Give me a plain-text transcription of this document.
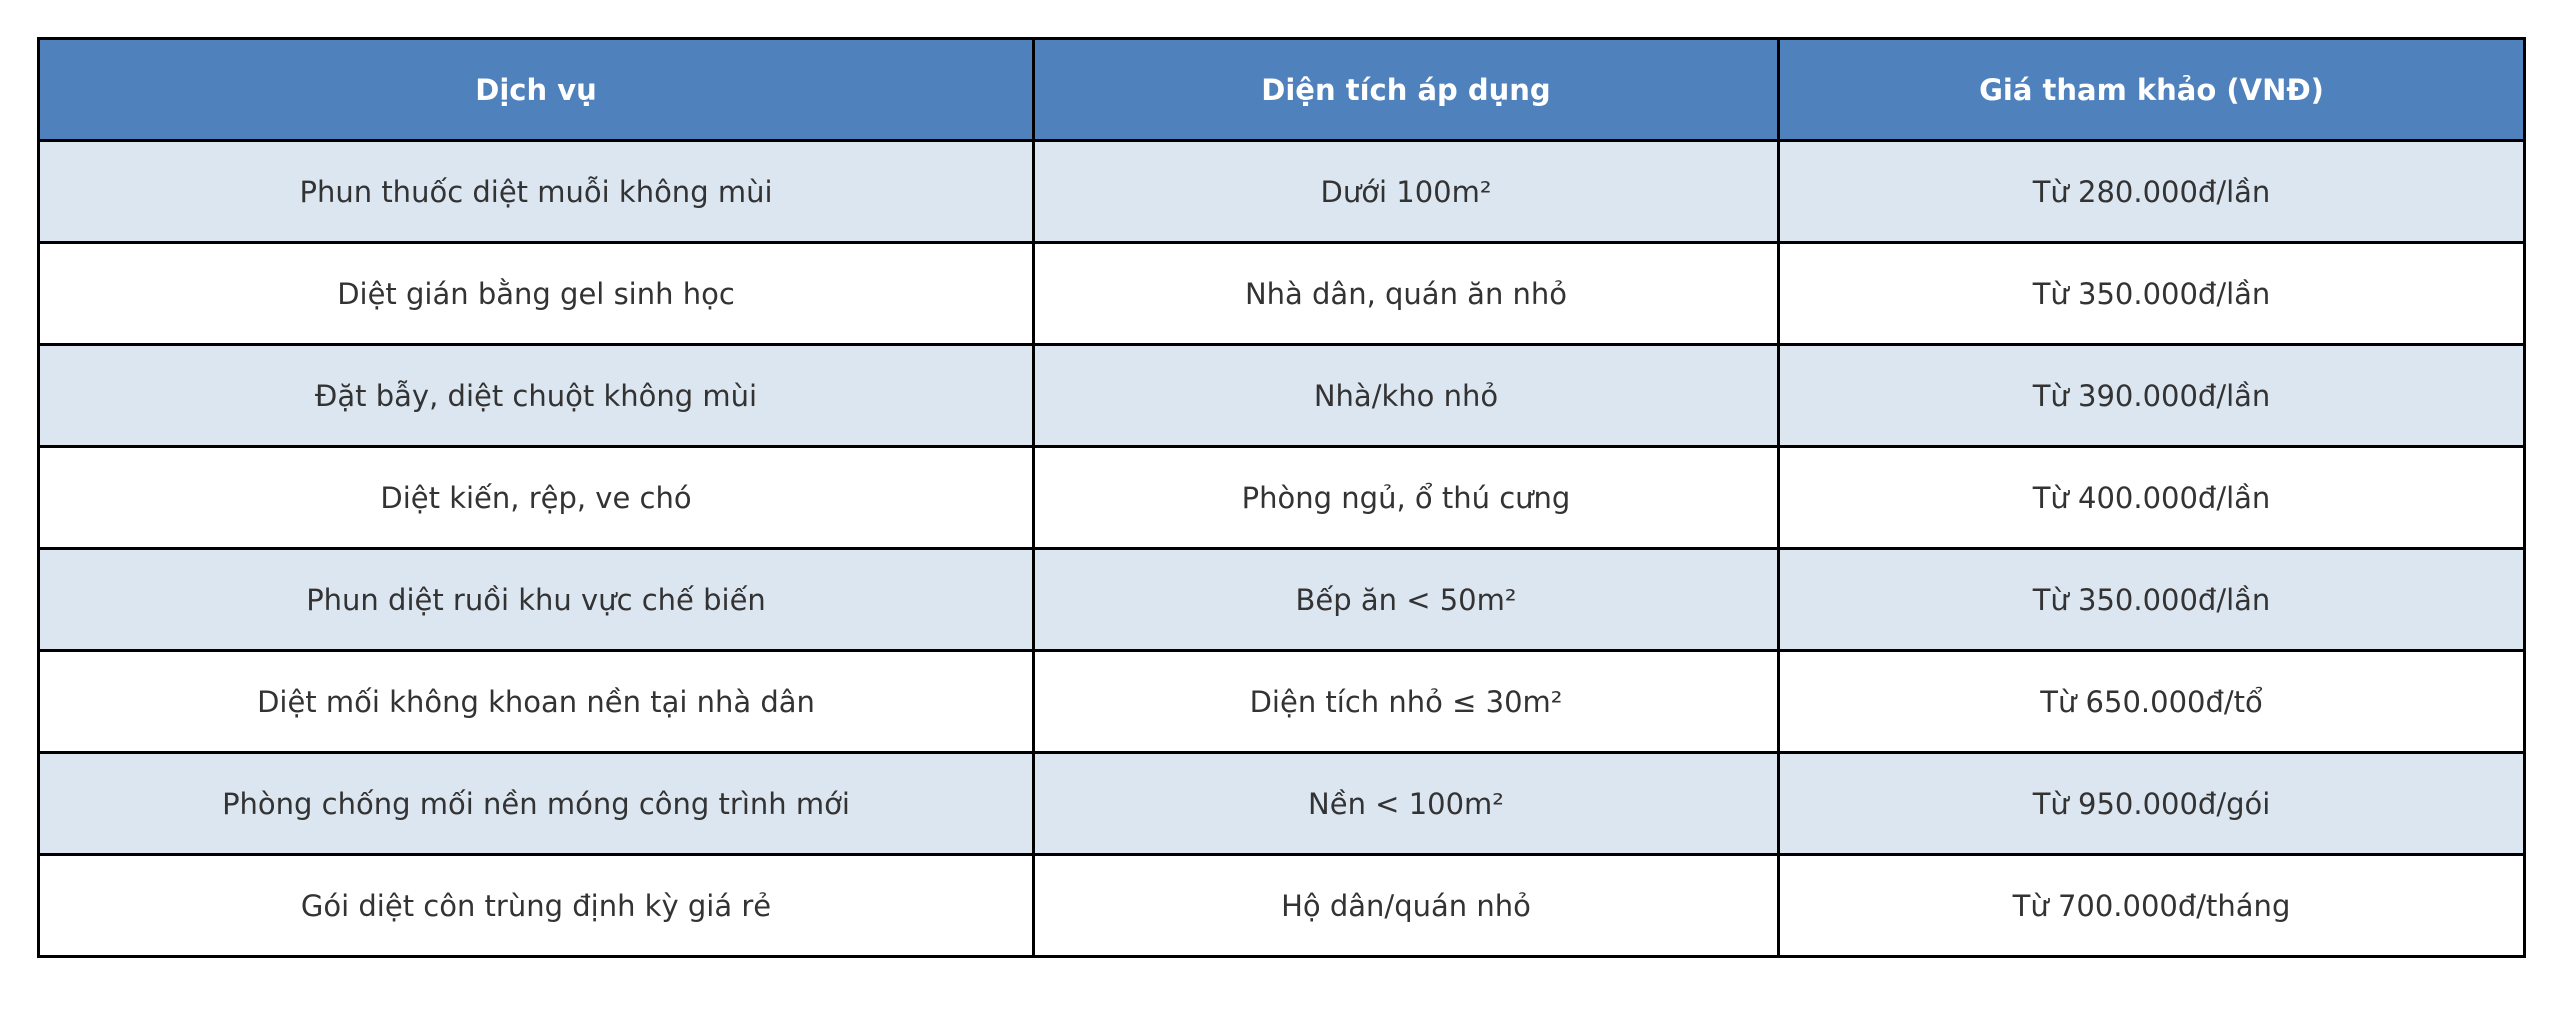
Dịch vụ	Diện tích áp dụng	Giá tham khảo (VNĐ)
Phun thuốc diệt muỗi không mùi	Dưới 100m²	Từ 280.000đ/lần
Diệt gián bằng gel sinh học	Nhà dân, quán ăn nhỏ	Từ 350.000đ/lần
Đặt bẫy, diệt chuột không mùi	Nhà/kho nhỏ	Từ 390.000đ/lần
Diệt kiến, rệp, ve chó	Phòng ngủ, ổ thú cưng	Từ 400.000đ/lần
Phun diệt ruồi khu vực chế biến	Bếp ăn < 50m²	Từ 350.000đ/lần
Diệt mối không khoan nền tại nhà dân	Diện tích nhỏ ≤ 30m²	Từ 650.000đ/tổ
Phòng chống mối nền móng công trình mới	Nền < 100m²	Từ 950.000đ/gói
Gói diệt côn trùng định kỳ giá rẻ	Hộ dân/quán nhỏ	Từ 700.000đ/tháng
